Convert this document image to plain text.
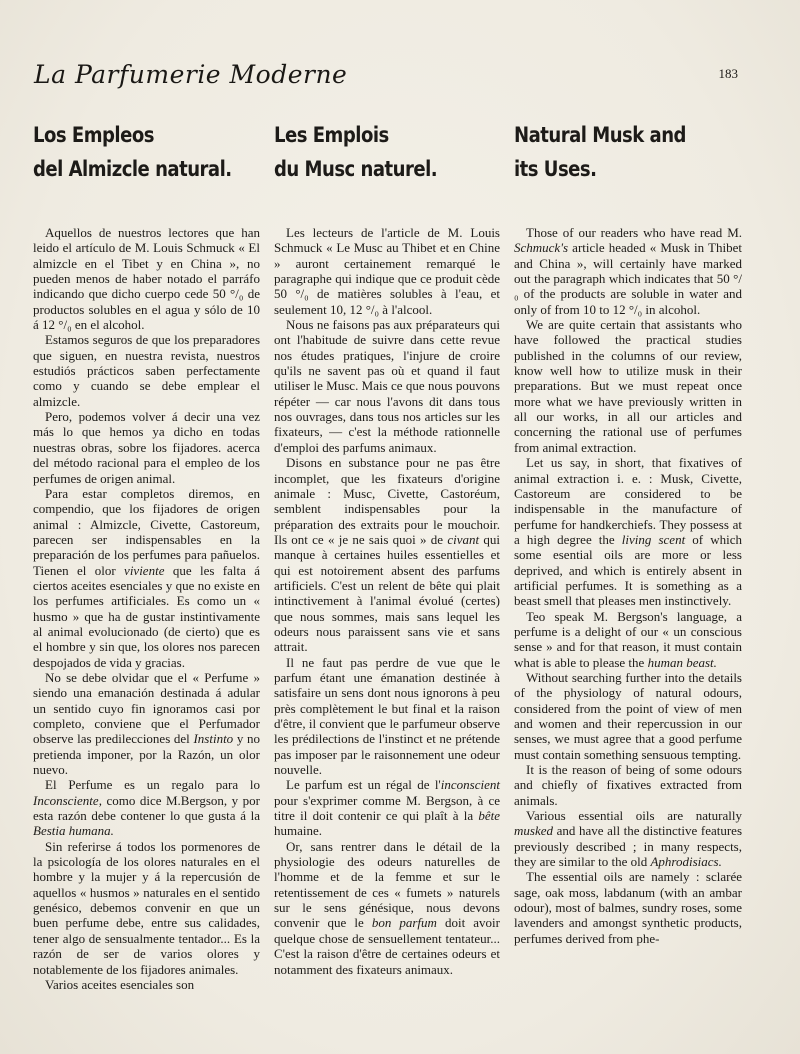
La Parfumerie Moderne	183
Los Empleos
del Almizcle natural.

Aquellos de nuestros lectores que han leido el artículo de M. Louis Schmuck « El almizcle en el Tibet y en China », no pueden menos de haber notado el parráfo indicando que dicho cuerpo cede 50 °/₀ de productos solubles en el agua y sólo de 10 á 12 °/₀ en el alcohol.

Estamos seguros de que los preparadores que siguen, en nuestra revista, nuestros estudiós prácticos saben perfectamente como y cuando se debe emplear el almizcle.

Pero, podemos volver á decir una vez más lo que hemos ya dicho en todas nuestras obras, sobre los fijadores. acerca del método racional para el empleo de los perfumes de origen animal.

Para estar completos diremos, en compendio, que los fijadores de origen animal : Almizcle, Civette, Castoreum, parecen ser indispensables en la preparación de los perfumes para pañuelos. Tienen el olor viviente que les falta á ciertos aceites esenciales y que no existe en los perfumes artificiales. Es como un « husmo » que ha de gustar instintivamente al animal evolucionado (de cierto) que es el hombre y sin que, los olores nos parecen despojados de vida y gracias.

No se debe olvidar que el « Perfume » siendo una emanación destinada á adular un sentido cuyo fin ignoramos casi por completo, conviene que el Perfumador observe las predilecciones del Instinto y no pretienda imponer, por la Razón, un olor nuevo.

El Perfume es un regalo para lo Inconsciente, como dice M.Bergson, y por esta razón debe contener lo que gusta á la Bestia humana.

Sin referirse á todos los pormenores de la psicología de los olores naturales en el hombre y la mujer y á la repercusión de aquellos « husmos » naturales en el sentido genésico, debemos convenir en que un buen perfume debe, entre sus calidades, tener algo de sensualmente tentador... Es la razón de ser de varios olores y notablemente de los fijadores animales.

Varios aceites esenciales son

Les Emplois
du Musc naturel.

Les lecteurs de l'article de M. Louis Schmuck « Le Musc au Thibet et en Chine » auront certainement remarqué le paragraphe qui indique que ce produit cède 50 °/₀ de matières solubles à l'eau, et seulement 10, 12 °/₀ à l'alcool.

Nous ne faisons pas aux préparateurs qui ont l'habitude de suivre dans cette revue nos études pratiques, l'injure de croire qu'ils ne savent pas où et quand il faut utiliser le Musc. Mais ce que nous pouvons répéter — car nous l'avons dit dans tous nos ouvrages, dans tous nos articles sur les fixateurs, — c'est la méthode rationnelle d'emploi des parfums animaux.

Disons en substance pour ne pas être incomplet, que les fixateurs d'origine animale : Musc, Civette, Castoréum, semblent indispensables pour la préparation des extraits pour le mouchoir. Ils ont ce « je ne sais quoi » de civant qui manque à certaines huiles essentielles et qui est notoirement absent des parfums artificiels. C'est un relent de bête qui plait intinctivement à l'animal évolué (certes) que nous sommes, mais sans lequel les odeurs nous paraissent sans vie et sans attrait.

Il ne faut pas perdre de vue que le parfum étant une émanation destinée à satisfaire un sens dont nous ignorons à peu près complètement le but final et la raison d'être, il convient que le parfumeur observe les prédilections de l'instinct et ne prétende pas imposer par le raisonnement une odeur nouvelle.

Le parfum est un régal de l'inconscient pour s'exprimer comme M. Bergson, à ce titre il doit contenir ce qui plaît à la bête humaine.

Or, sans rentrer dans le détail de la physiologie des odeurs naturelles de l'homme et de la femme et sur le retentissement de ces « fumets » naturels sur le sens génésique, nous devons convenir que le bon parfum doit avoir quelque chose de sensuellement tentateur... C'est la raison d'être de certaines odeurs et notamment des fixateurs animaux.

Natural Musk and
its Uses.

Those of our readers who have read M. Schmuck's article headed « Musk in Thibet and China », will certainly have marked out the paragraph which indicates that 50 °/₀ of the products are soluble in water and only of from 10 to 12 °/₀ in alcohol.

We are quite certain that assistants who have followed the practical studies published in the columns of our review, know well how to utilize musk in their preparations. But we must repeat once more what we have previously written in all our works, in all our articles and concerning the rational use of perfumes from animal extraction.

Let us say, in short, that fixatives of animal extraction i. e. : Musk, Civette, Castoreum are considered to be indispensable in the manufacture of perfume for handkerchiefs. They possess at a high degree the living scent of which some esential oils are more or less deprived, and which is entirely absent in artificial perfumes. It is something as a beast smell that pleases men instinctively.

Teo speak M. Bergson's language, a perfume is a delight of our « un conscious sense » and for that reason, it must contain what is able to please the human beast.

Without searching further into the details of the physiology of natural odours, considered from the point of view of men and women and their repercussion in our senses, we must agree that a good perfume must contain something sensuous tempting.

It is the reason of being of some odours and chiefly of fixatives extracted from animals.

Various essential oils are naturally musked and have all the distinctive features previously described ; in many respects, they are similar to the old Aphrodisiacs.

The essential oils are namely : sclarée sage, oak moss, labdanum (with an ambar odour), most of balmes, sundry roses, some lavenders and amongst synthetic products, perfumes derived from phe-
